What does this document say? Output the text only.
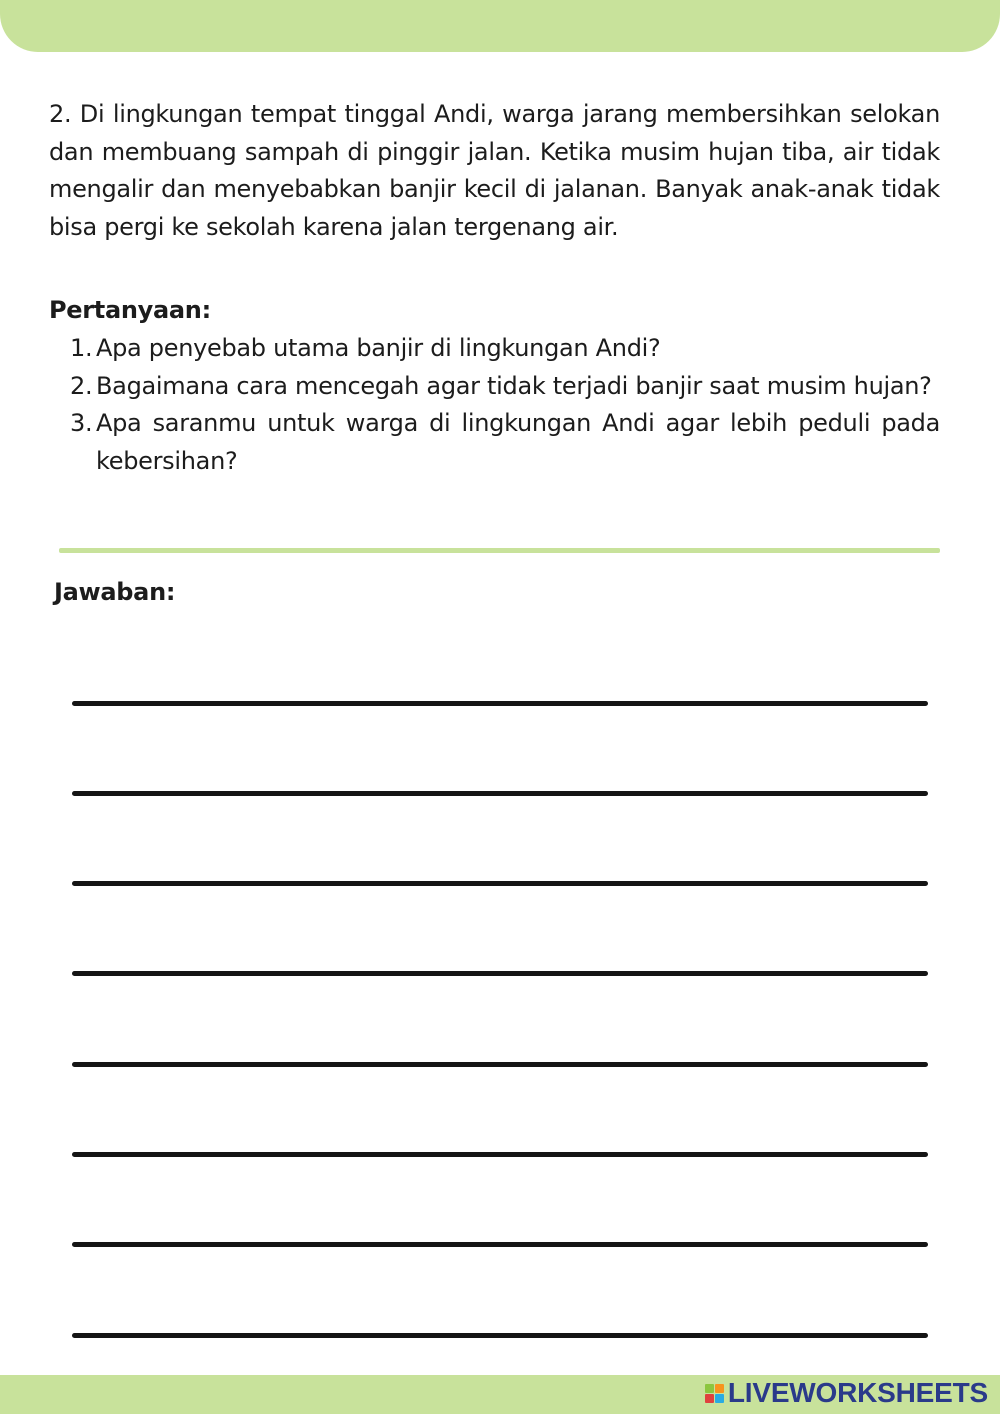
2. Di lingkungan tempat tinggal Andi, warga jarang membersihkan selokan dan membuang sampah di pinggir jalan. Ketika musim hujan tiba, air tidak mengalir dan menyebabkan banjir kecil di jalanan. Banyak anak-anak tidak bisa pergi ke sekolah karena jalan tergenang air.

Pertanyaan:

1. Apa penyebab utama banjir di lingkungan Andi?
2. Bagaimana cara mencegah agar tidak terjadi banjir saat musim hujan?
3. Apa saranmu untuk warga di lingkungan Andi agar lebih peduli pada kebersihan?

Jawaban:

LIVEWORKSHEETS
